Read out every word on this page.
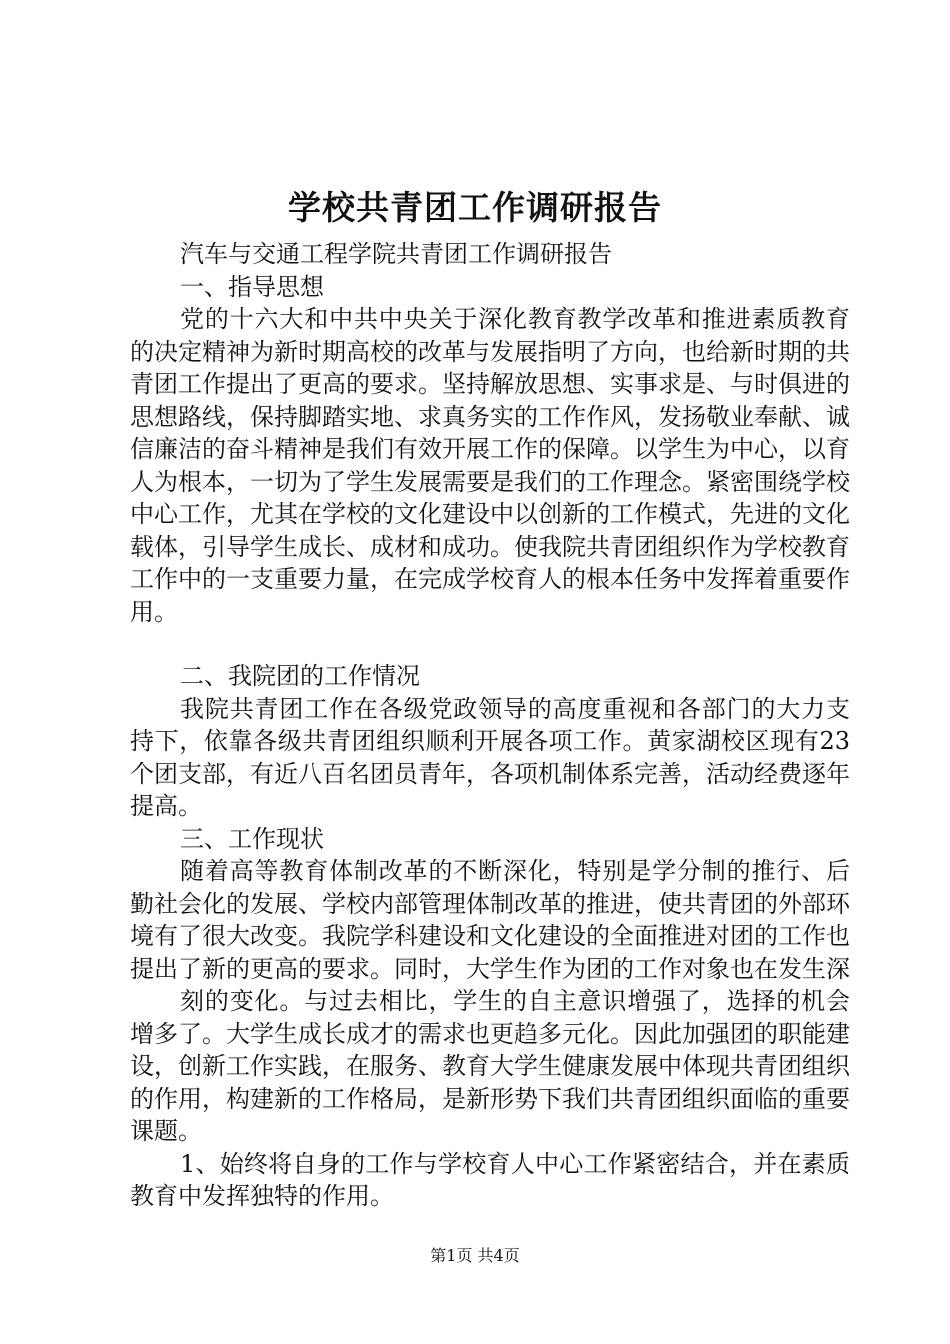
学校共青团工作调研报告

汽车与交通工程学院共青团工作调研报告

一、指导思想

党的十六大和中共中央关于深化教育教学改革和推进素质教育的决定精神为新时期高校的改革与发展指明了方向，也给新时期的共青团工作提出了更高的要求。坚持解放思想、实事求是、与时俱进的思想路线，保持脚踏实地、求真务实的工作作风，发扬敬业奉献、诚信廉洁的奋斗精神是我们有效开展工作的保障。以学生为中心，以育人为根本，一切为了学生发展需要是我们的工作理念。紧密围绕学校中心工作，尤其在学校的文化建设中以创新的工作模式，先进的文化载体，引导学生成长、成材和成功。使我院共青团组织作为学校教育工作中的一支重要力量，在完成学校育人的根本任务中发挥着重要作用。

二、我院团的工作情况

我院共青团工作在各级党政领导的高度重视和各部门的大力支持下，依靠各级共青团组织顺利开展各项工作。黄家湖校区现有23个团支部，有近八百名团员青年，各项机制体系完善，活动经费逐年提高。

三、工作现状

随着高等教育体制改革的不断深化，特别是学分制的推行、后勤社会化的发展、学校内部管理体制改革的推进，使共青团的外部环境有了很大改变。我院学科建设和文化建设的全面推进对团的工作也提出了新的更高的要求。同时，大学生作为团的工作对象也在发生深

刻的变化。与过去相比，学生的自主意识增强了，选择的机会增多了。大学生成长成才的需求也更趋多元化。因此加强团的职能建设，创新工作实践，在服务、教育大学生健康发展中体现共青团组织的作用，构建新的工作格局，是新形势下我们共青团组织面临的重要课题。

1、始终将自身的工作与学校育人中心工作紧密结合，并在素质教育中发挥独特的作用。

第1页 共4页
